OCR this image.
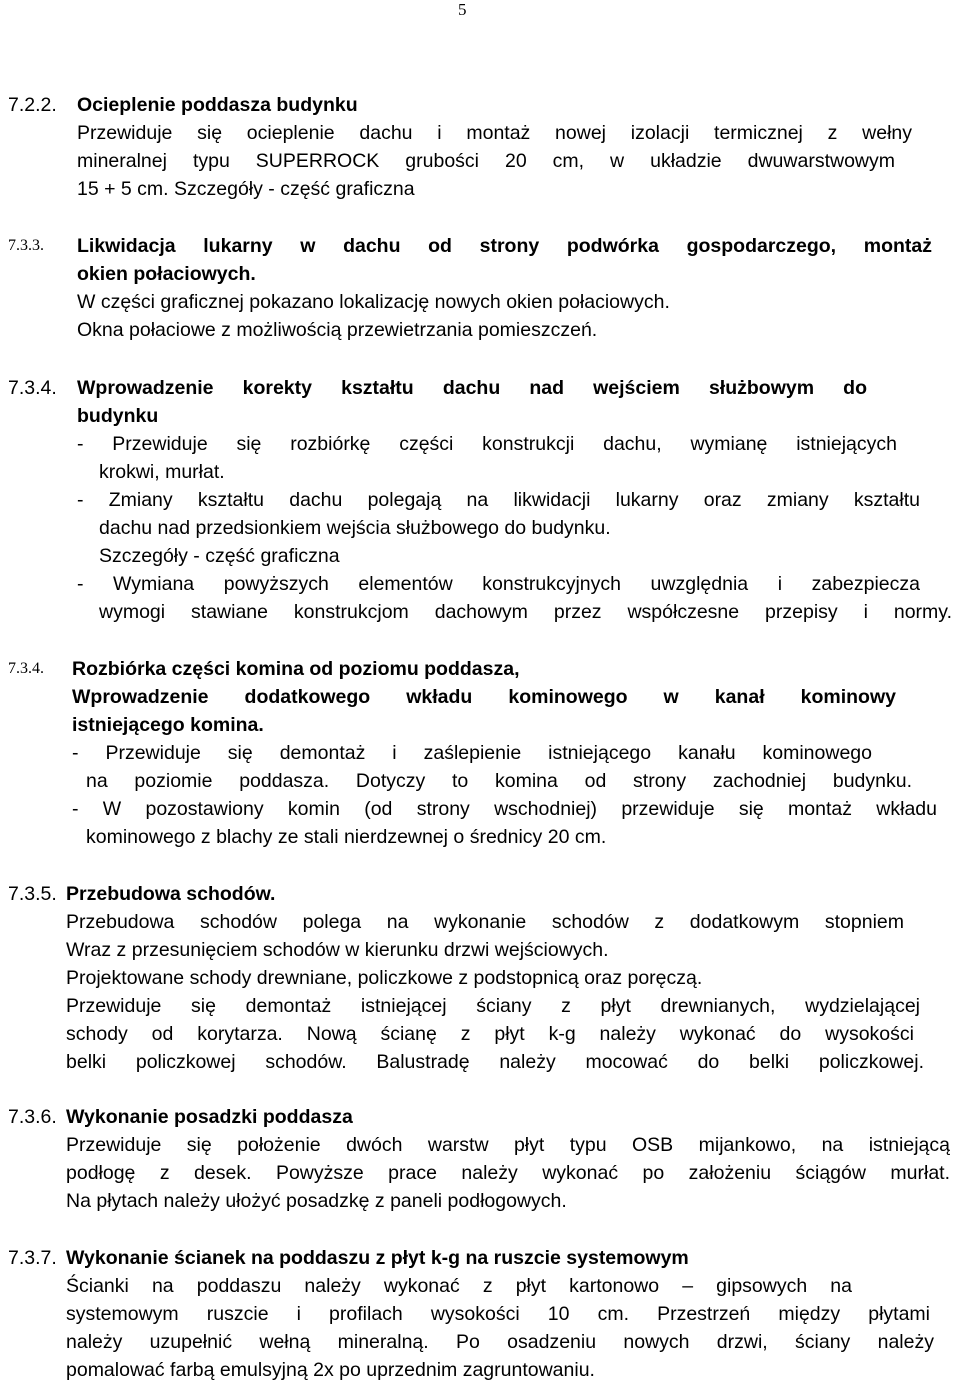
5
7.2.2. Ocieplenie poddasza budynku
Przewiduje się ocieplenie dachu i montaż nowej izolacji termicznej z wełny
mineralnej typu SUPERROCK grubości 20 cm, w układzie dwuwarstwowym
15 + 5 cm. Szczegóły - część graficzna
7.3.3. Likwidacja lukarny w dachu od strony podwórka gospodarczego, montaż
okien połaciowych.
W części graficznej pokazano lokalizację nowych okien połaciowych.
Okna połaciowe z możliwością przewietrzania pomieszczeń.
7.3.4. Wprowadzenie korekty kształtu dachu nad wejściem służbowym do
budynku
- Przewiduje się rozbiórkę części konstrukcji dachu, wymianę istniejących
krokwi, murłat.
- Zmiany kształtu dachu polegają na likwidacji lukarny oraz zmiany kształtu
dachu nad przedsionkiem wejścia służbowego do budynku.
Szczegóły - część graficzna
- Wymiana powyższych elementów konstrukcyjnych uwzględnia i zabezpiecza
wymogi stawiane konstrukcjom dachowym przez współczesne przepisy i normy.
7.3.4. Rozbiórka części komina od poziomu poddasza,
Wprowadzenie dodatkowego wkładu kominowego w kanał kominowy
istniejącego komina.
- Przewiduje się demontaż i zaślepienie istniejącego kanału kominowego
na poziomie poddasza. Dotyczy to komina od strony zachodniej budynku.
- W pozostawiony komin (od strony wschodniej) przewiduje się montaż wkładu
kominowego z blachy ze stali nierdzewnej o średnicy 20 cm.
7.3.5. Przebudowa schodów.
Przebudowa schodów polega na wykonanie schodów z dodatkowym stopniem
Wraz z przesunięciem schodów w kierunku drzwi wejściowych.
Projektowane schody drewniane, policzkowe z podstopnicą oraz poręczą.
Przewiduje się demontaż istniejącej ściany z płyt drewnianych, wydzielającej
schody od korytarza. Nową ścianę z płyt k-g należy wykonać do wysokości
belki policzkowej schodów. Balustradę należy mocować do belki policzkowej.
7.3.6. Wykonanie posadzki poddasza
Przewiduje się położenie dwóch warstw płyt typu OSB mijankowo, na istniejącą
podłogę z desek. Powyższe prace należy wykonać po założeniu ściągów murłat.
Na płytach należy ułożyć posadzkę z paneli podłogowych.
7.3.7. Wykonanie ścianek na poddaszu z płyt k-g na ruszcie systemowym
Ścianki na poddaszu należy wykonać z płyt kartonowo – gipsowych na
systemowym ruszcie i profilach wysokości 10 cm. Przestrzeń między płytami
należy uzupełnić wełną mineralną. Po osadzeniu nowych drzwi, ściany należy
pomalować farbą emulsyjną 2x po uprzednim zagruntowaniu.
